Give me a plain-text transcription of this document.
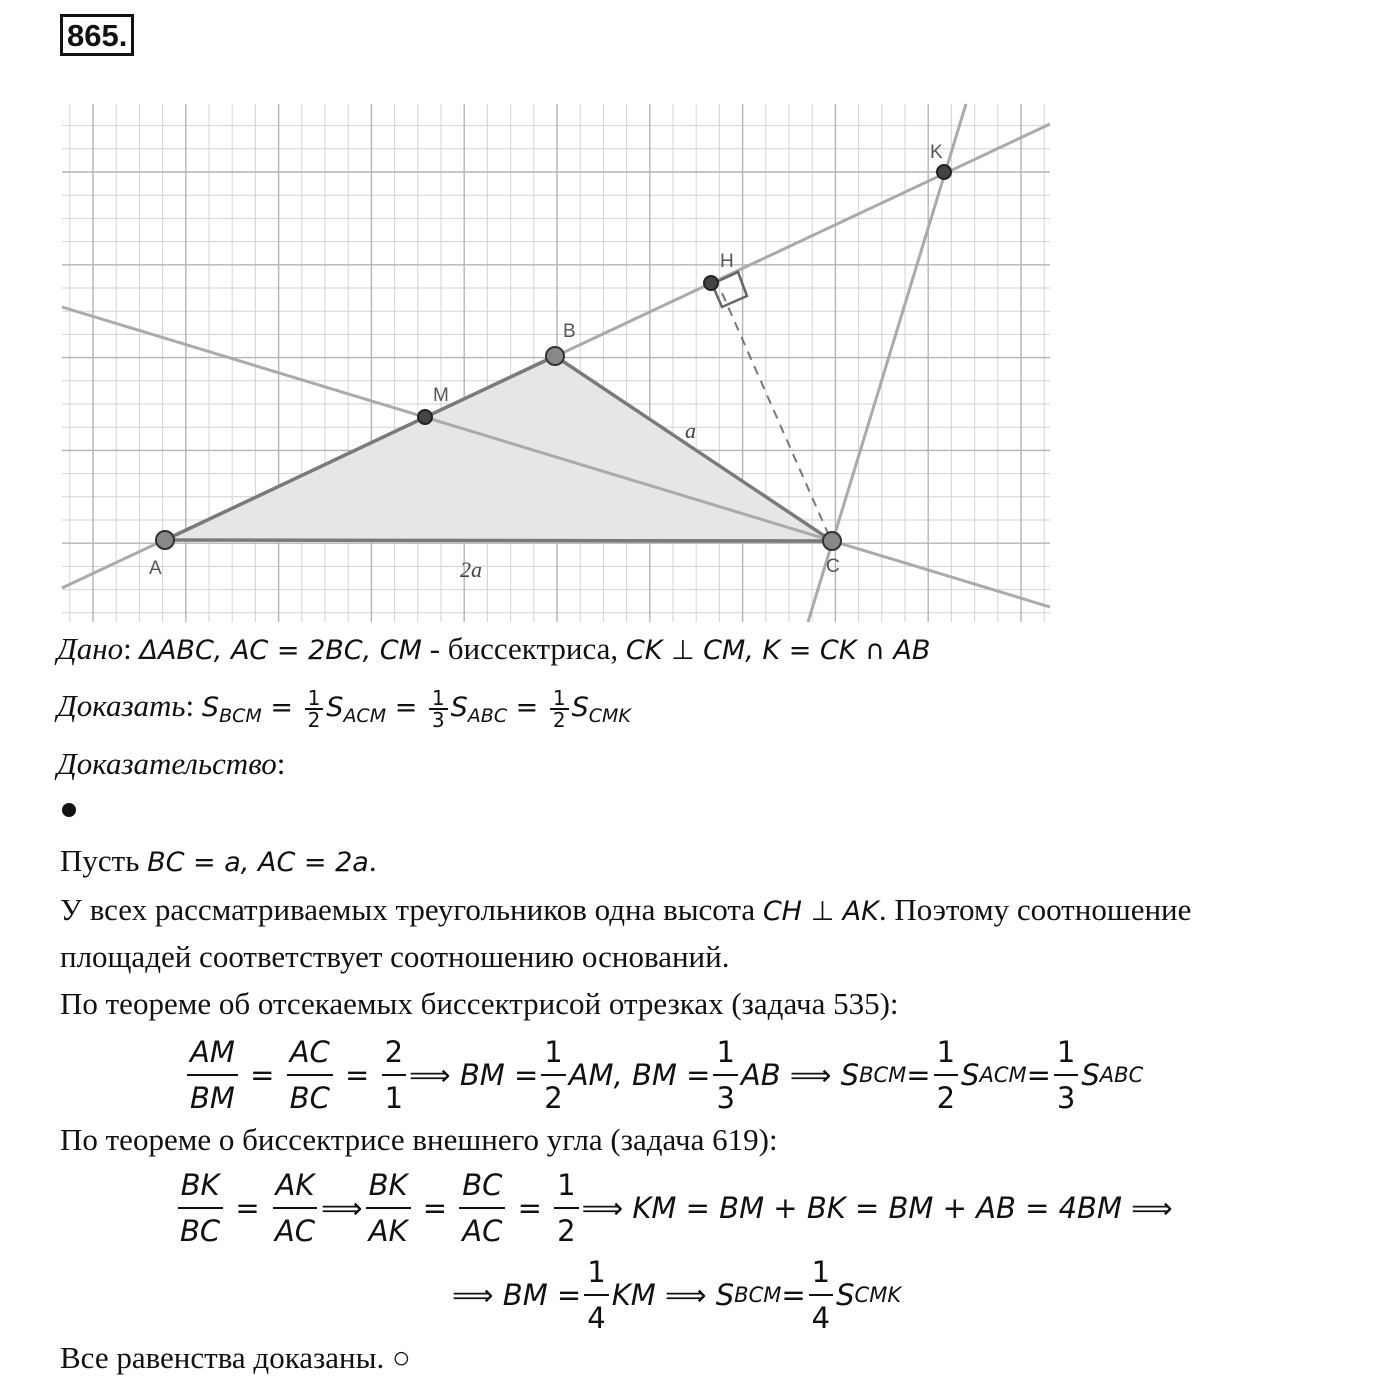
865.
A
B
C
M
H
K
a
2a
Дано: ΔABC, AC = 2BC, CM - биссектриса, CK ⊥ CM, K = CK ∩ AB
Доказать: $S_{BCM} = \frac{1}{2} S_{ACM} = \frac{1}{3} S_{ABC} = \frac{1}{2} S_{CMK}$
Доказательство:
Пусть BC = a, AC = 2a.
У всех рассматриваемых треугольников одна высота CH ⊥ AK. Поэтому соотношение
площадей соответствует соотношению оснований.
По теореме об отсекаемых биссектрисой отрезках (задача 535):
$\frac{AM}{BM} = \frac{AC}{BC} = \frac{2}{1}$ ⟹ BM = $\frac{1}{2}$ AM, BM = $\frac{1}{3}$ AB ⟹ S BCM = $\frac{1}{2}$ S ACM = $\frac{1}{3}$ S ABC
По теореме о биссектрисе внешнего угла (задача 619):
$\frac{BK}{BC} = \frac{AK}{AC}$ ⟹ $\frac{BK}{AK} = \frac{BC}{AC} = \frac{1}{2}$ ⟹ KM = BM + BK = BM + AB = 4BM ⟹
⟹ BM = $\frac{1}{4}$ KM ⟹ S BCM = $\frac{1}{4}$ S CMK
Все равенства доказаны. ○
